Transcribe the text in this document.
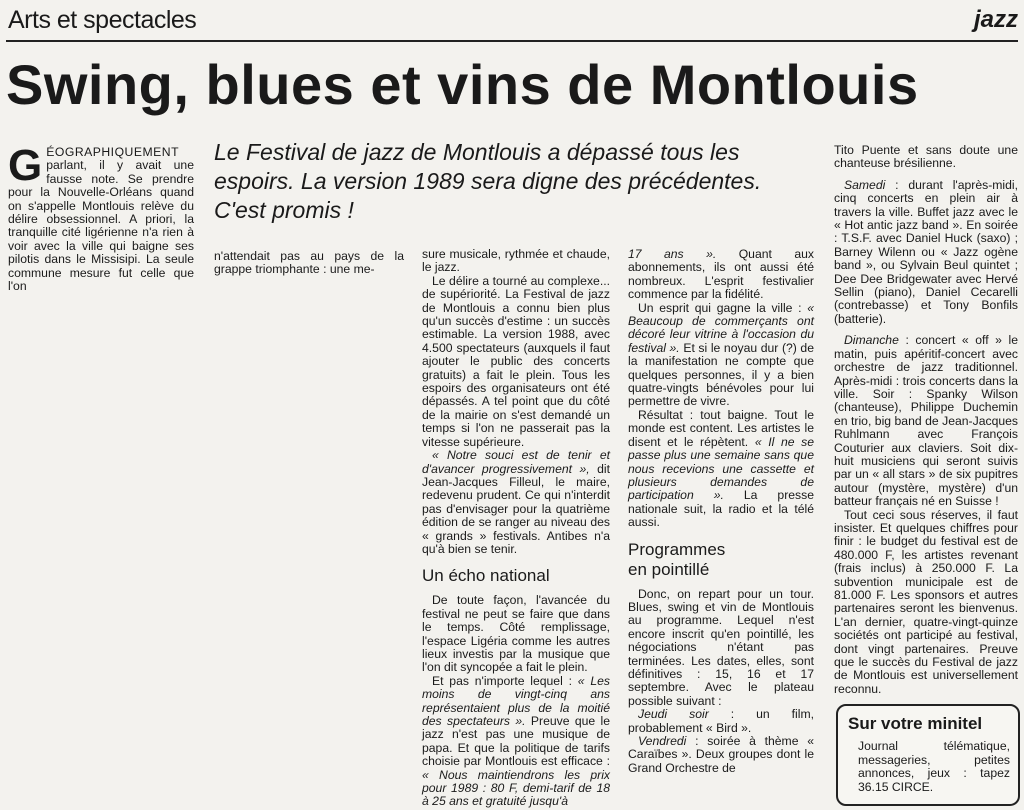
Arts et spectacles	jazz
Swing, blues et vins de Montlouis
Le Festival de jazz de Montlouis a dépassé tous les espoirs. La version 1989 sera digne des précédentes. C'est promis !
G ÉOGRAPHIQUEMENT parlant, il y avait une fausse note. Se prendre pour la Nouvelle-Orléans quand on s'appelle Montlouis relève du délire obsessionnel. A priori, la tranquille cité ligérienne n'a rien à voir avec la ville qui baigne ses pilotis dans le Missisipi. La seule commune mesure fut celle que l'on

n'attendait pas au pays de la grappe triomphante : une me-

sure musicale, rythmée et chaude, le jazz.

Le délire a tourné au complexe... de supériorité. La Festival de jazz de Montlouis a connu bien plus qu'un succès d'estime : un succès estimable. La version 1988, avec 4.500 spectateurs (auxquels il faut ajouter le public des concerts gratuits) a fait le plein. Tous les espoirs des organisateurs ont été dépassés. A tel point que du côté de la mairie on s'est demandé un temps si l'on ne passerait pas la vitesse supérieure.

« Notre souci est de tenir et d'avancer progressivement », dit Jean-Jacques Filleul, le maire, redevenu prudent. Ce qui n'interdit pas d'envisager pour la quatrième édition de se ranger au niveau des « grands » festivals. Antibes n'a qu'à bien se tenir.

Un écho national

De toute façon, l'avancée du festival ne peut se faire que dans le temps. Côté remplissage, l'espace Ligéria comme les autres lieux investis par la musique que l'on dit syncopée a fait le plein.

Et pas n'importe lequel : « Les moins de vingt-cinq ans représentaient plus de la moitié des spectateurs ». Preuve que le jazz n'est pas une musique de papa. Et que la politique de tarifs choisie par Montlouis est efficace : « Nous maintiendrons les prix pour 1989 : 80 F, demi-tarif de 18 à 25 ans et gratuité jusqu'à

17 ans ». Quant aux abonnements, ils ont aussi été nombreux. L'esprit festivalier commence par la fidélité.

Un esprit qui gagne la ville : « Beaucoup de commerçants ont décoré leur vitrine à l'occasion du festival ». Et si le noyau dur (?) de la manifestation ne compte que quelques personnes, il y a bien quatre-vingts bénévoles pour lui permettre de vivre.

Résultat : tout baigne. Tout le monde est content. Les artistes le disent et le répètent. « Il ne se passe plus une semaine sans que nous recevions une cassette et plusieurs demandes de participation ». La presse nationale suit, la radio et la télé aussi.

Programmes en pointillé

Donc, on repart pour un tour. Blues, swing et vin de Montlouis au programme. Lequel n'est encore inscrit qu'en pointillé, les négociations n'étant pas terminées. Les dates, elles, sont définitives : 15, 16 et 17 septembre. Avec le plateau possible suivant :

Jeudi soir : un film, probablement « Bird ».

Vendredi : soirée à thème « Caraïbes ». Deux groupes dont le Grand Orchestre de

Tito Puente et sans doute une chanteuse brésilienne.

Samedi : durant l'après-midi, cinq concerts en plein air à travers la ville. Buffet jazz avec le « Hot antic jazz band ». En soirée : T.S.F. avec Daniel Huck (saxo) ; Barney Wilenn ou « Jazz ogène band », ou Sylvain Beul quintet ; Dee Dee Bridgewater avec Hervé Sellin (piano), Daniel Cecarelli (contrebasse) et Tony Bonfils (batterie).

Dimanche : concert « off » le matin, puis apéritif-concert avec orchestre de jazz traditionnel. Après-midi : trois concerts dans la ville. Soir : Spanky Wilson (chanteuse), Philippe Duchemin en trio, big band de Jean-Jacques Ruhlmann avec François Couturier aux claviers. Soit dix-huit musiciens qui seront suivis par un « all stars » de six pupitres autour (mystère, mystère) d'un batteur français né en Suisse !

Tout ceci sous réserves, il faut insister. Et quelques chiffres pour finir : le budget du festival est de 480.000 F, les artistes revenant (frais inclus) à 250.000 F. La subvention municipale est de 81.000 F. Les sponsors et autres partenaires seront les bienvenus. L'an dernier, quatre-vingt-quinze sociétés ont participé au festival, dont vingt partenaires. Preuve que le succès du Festival de jazz de Montlouis est universellement reconnu.

Sur votre minitel
Journal télématique, messageries, petites annonces, jeux : tapez 36.15 CIRCE.
